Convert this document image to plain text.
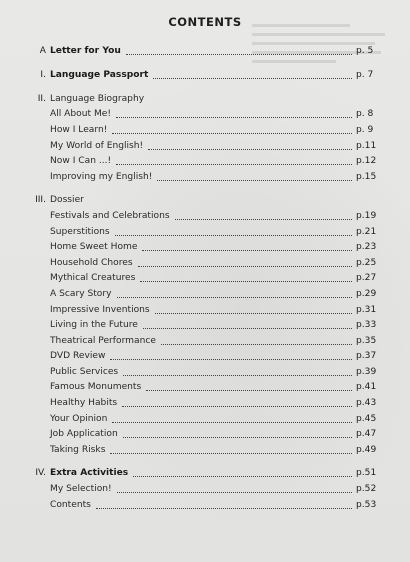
CONTENTS
A Letter for You	p. 5
I. Language Passport	p. 7
II. Language Biography
All About Me!	p. 8
How I Learn!	p. 9
My World of English!	p.11
Now I Can ...!	p.12
Improving my English!	p.15
III. Dossier
Festivals and Celebrations	p.19
Superstitions	p.21
Home Sweet Home	p.23
Household Chores	p.25
Mythical Creatures	p.27
A Scary Story	p.29
Impressive Inventions	p.31
Living in the Future	p.33
Theatrical Performance	p.35
DVD Review	p.37
Public Services	p.39
Famous Monuments	p.41
Healthy Habits	p.43
Your Opinion	p.45
Job Application	p.47
Taking Risks	p.49
IV. Extra Activities	p.51
My Selection!	p.52
Contents	p.53
